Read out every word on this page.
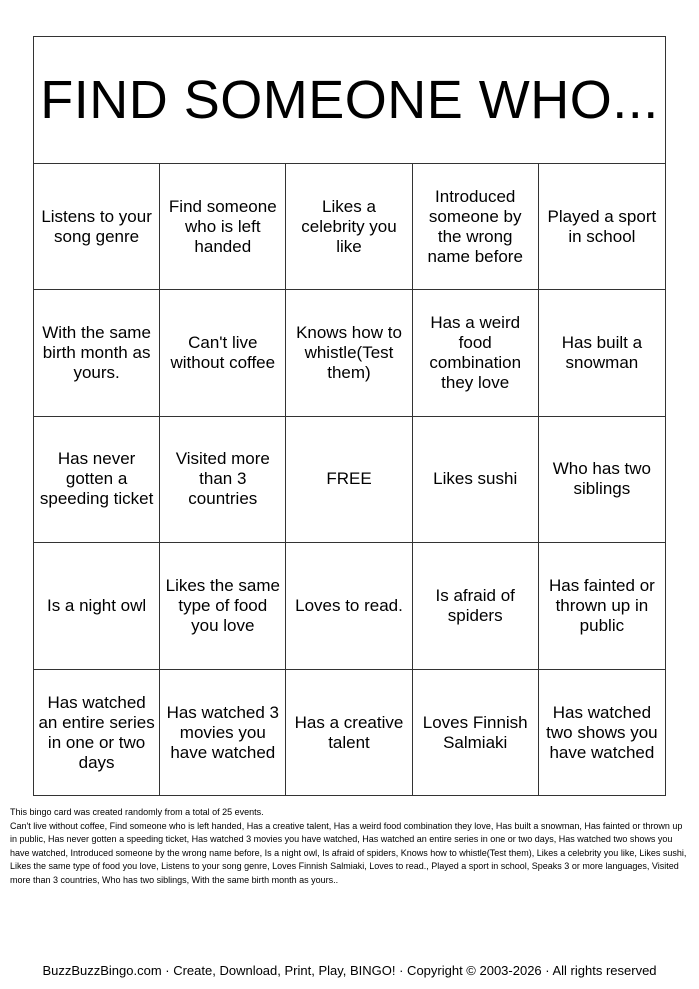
FIND SOMEONE WHO...
Listens to your song genre
Find someone who is left handed
Likes a celebrity you like
Introduced someone by the wrong name before
Played a sport in school
With the same birth month as yours.
Can't live without coffee
Knows how to whistle(Test them)
Has a weird food combination they love
Has built a snowman
Has never gotten a speeding ticket
Visited more than 3 countries
FREE	Likes sushi
Who has two siblings
Is a night owl
Likes the same type of food you love
Loves to read.
Is afraid of spiders
Has fainted or thrown up in public
Has watched an entire series in one or two days
Has watched 3 movies you have watched
Has a creative talent
Loves Finnish Salmiaki
Has watched two shows you have watched
This bingo card was created randomly from a total of 25 events.
Can't live without coffee, Find someone who is left handed, Has a creative talent, Has a weird food combination they love, Has built a snowman, Has fainted or thrown up in public, Has never gotten a speeding ticket, Has watched 3 movies you have watched, Has watched an entire series in one or two days, Has watched two shows you have watched, Introduced someone by the wrong name before, Is a night owl, Is afraid of spiders, Knows how to whistle(Test them), Likes a celebrity you like, Likes sushi, Likes the same type of food you love, Listens to your song genre, Loves Finnish Salmiaki, Loves to read., Played a sport in school, Speaks 3 or more languages, Visited more than 3 countries, Who has two siblings, With the same birth month as yours..
BuzzBuzzBingo.com · Create, Download, Print, Play, BINGO! · Copyright © 2003-2026 · All rights reserved
